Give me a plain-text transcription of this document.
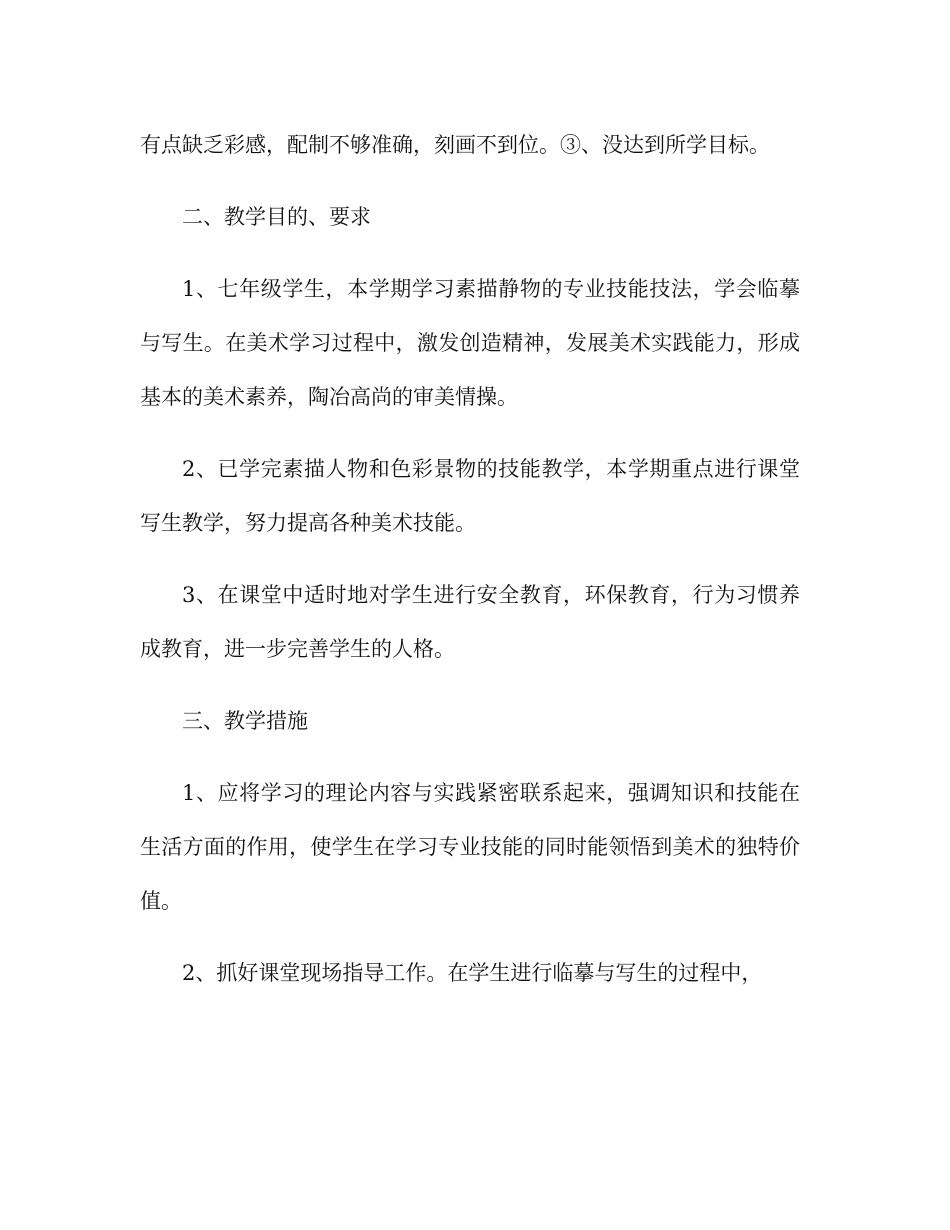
有点缺乏彩感，配制不够准确，刻画不到位。③、没达到所学目标。

二、教学目的、要求

1、七年级学生，本学期学习素描静物的专业技能技法，学会临摹与写生。在美术学习过程中，激发创造精神，发展美术实践能力，形成基本的美术素养，陶冶高尚的审美情操。

2、已学完素描人物和色彩景物的技能教学，本学期重点进行课堂写生教学，努力提高各种美术技能。

3、在课堂中适时地对学生进行安全教育，环保教育，行为习惯养成教育，进一步完善学生的人格。

三、教学措施

1、应将学习的理论内容与实践紧密联系起来，强调知识和技能在生活方面的作用，使学生在学习专业技能的同时能领悟到美术的独特价值。

2、抓好课堂现场指导工作。在学生进行临摹与写生的过程中，
